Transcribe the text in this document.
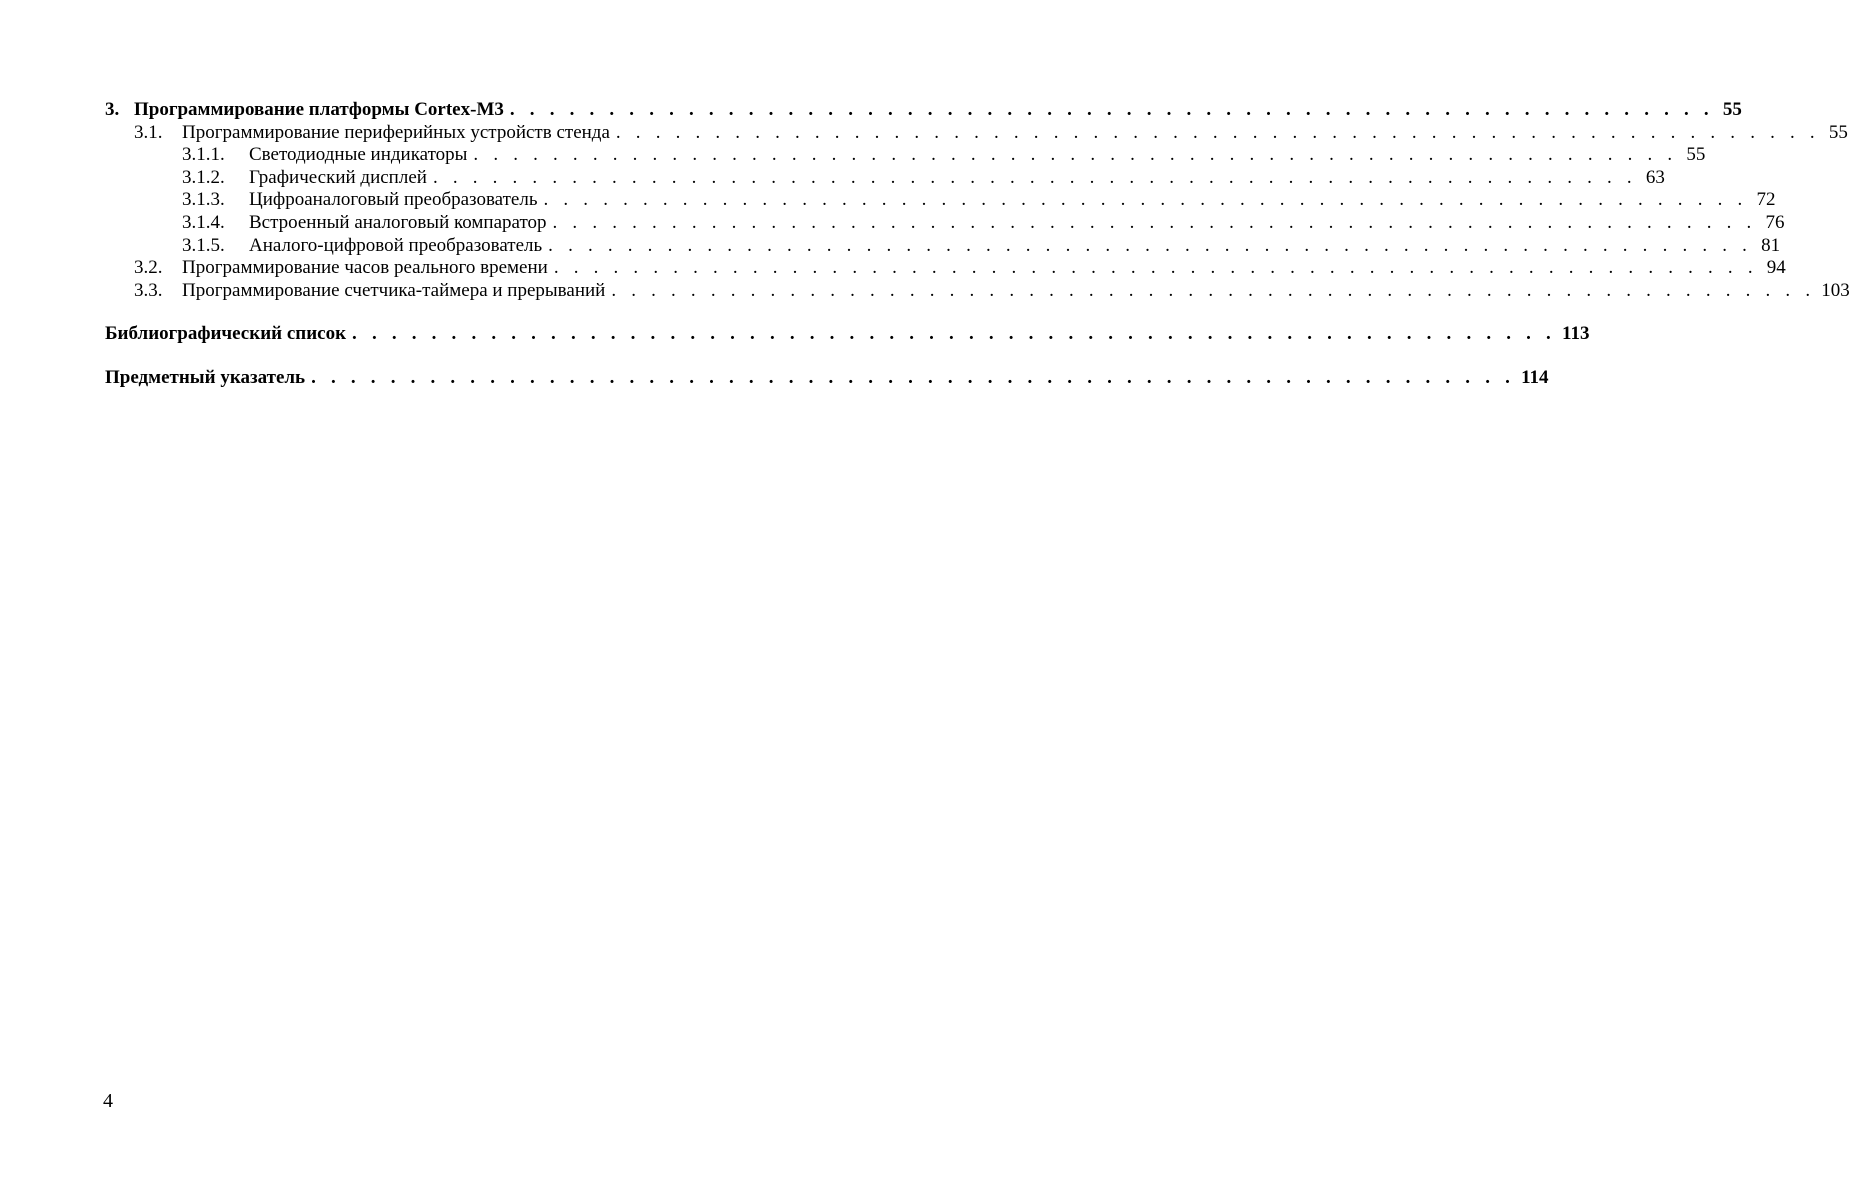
3. Программирование платформы Cortex-M3 . . .	55
3.1.	Программирование периферийных устройств стенда . . .	55
3.1.1.	Светодиодные индикаторы . . .	55
3.1.2.	Графический дисплей . . .	63
3.1.3.	Цифроаналоговый преобразователь . . .	72
3.1.4.	Встроенный аналоговый компаратор . . .	76
3.1.5.	Аналого-цифровой преобразователь . . .	81
3.2.	Программирование часов реального времени . . .	94
3.3.	Программирование счетчика-таймера и прерываний . . .	103
Библиографический список . . .	113
Предметный указатель . . .	114
4
